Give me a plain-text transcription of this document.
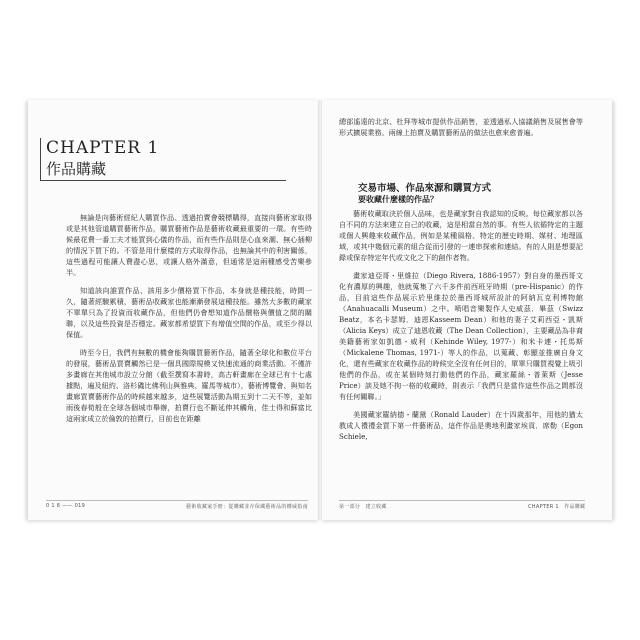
CHAPTER 1
作品購藏

無論是向藝術經紀人購買作品、透過拍賣會競標購得，直接向藝術家取得或是其他管道購買藝術作品，購買藝術作品是藝術收藏最重要的一環。有些時候最花費一番工夫才能買到心儀的作品，而有些作品則是心血來潮、無心插柳的情況下買下的。不管是用什麼樣的方式取得作品，也無論其中的利害關係，這些過程可能讓人費盡心思，或讓人格外滿意，但通常是這兩種感受苦樂參半。

知道該向誰買作品、該用多少價格買下作品，本身就是種技能，時間一久，隨著經驗累積，藝術品收藏家也能漸漸發展這種技能。雖然大多數的藏家不單單只為了投資而收藏作品，但他們仍會想知道作品價格與價值之間的關聯，以及這些投資是否穩定。藏家都希望買下有增值空間的作品，或至少得以保值。

時至今日，我們有無數的機會能夠購買藝術作品，隨著全球化和數位平台的發展，藝術品買賣觸然已是一個具國際規模又快速流通的商業活動。不僅許多畫廊在其他城市設立分館（截至撰寫本書時，高古軒畫廊在全球已有十七處據點，遍及紐約、洛杉磯比佛利山與雅典、羅馬等城市），藝術博覽會、與知名畫廊買賣藝術作品的時候越來越多，這些展覽活動為期五到十二天不等，並如雨後春筍般在全球各個城市舉辦，拍賣行也不斷延伸其觸角，佳士得和蘇富比這兩家成立於倫敦的拍賣行，目前也在距離

0 1 8 —— 019	藝術收藏家手冊：從購藏並存保藏藝術品的權威指南

總部遙遠的北京、杜拜等城市提供作品銷售，並透過私人協議銷售及展售會等形式擴展業務。兩線上拍賣及購買藝術品的做法也愈來愈普遍。

交易市場、作品來源和購買方式
要收藏什麼樣的作品？

藝術收藏取決於個人品味，也是藏家對自我認知的反映。每位藏家都以各自不同的方法來建立自己的收藏，這是相當自然的事。有些人依循特定的主題或個人興趣來收藏作品，例如是某種風格、特定的歷史時期、媒材、地理區域，或其中幾個元素的組合從而引發的一連串探索和連結。有的人則是想要記錄或保存特定年代或文化之下的創作者物。

畫家迪亞哥・里維拉（Diego Rivera, 1886-1957）對自身的墨西哥文化有濃厚的興趣，他就蒐集了六千多件前西班牙時期（pre-Hispanic）的作品，目前這些作品展示於里維拉於墨西哥城所設計的阿納瓦克利博物館（Anahuacalli Museum）之中。喷唱音樂製作人史威茲．畢茲（Swizz Beatz，本名卡瑟姆．迪恩Kasseem Dean）和他的妻子艾莉西亞・凱斯（Alicia Keys）成立了迪恩收藏（The Dean Collection），主要藏品為非裔美籍藝術家如凱德・威利（Kehinde Wiley, 1977-）和米卡連・托馬斯（Mickalene Thomas, 1971-）等人的作品，以蒐藏、彰顯並推廣自身文化，還有些藏家在收藏作品的時候完全沒有任何目的，單單只購買視覺上吸引他們的作品，或在某個時刻打動他們的作品，藏家羅絲・普萊斯（Jesse Price）談及她不拘一格的收藏時，則表示「我們只是當作這些作品之間都沒有任何關聯。」

美國藏家羅納德・蘭黛（Ronald Lauder）在十四歲那年，用他的猶太教成人禮禮金買下第一件藝術品，這件作品是奧地利畫家埃貢．席勒（Egon Schiele,

第一部分　建立收藏	CHAPTER 1　作品購藏
